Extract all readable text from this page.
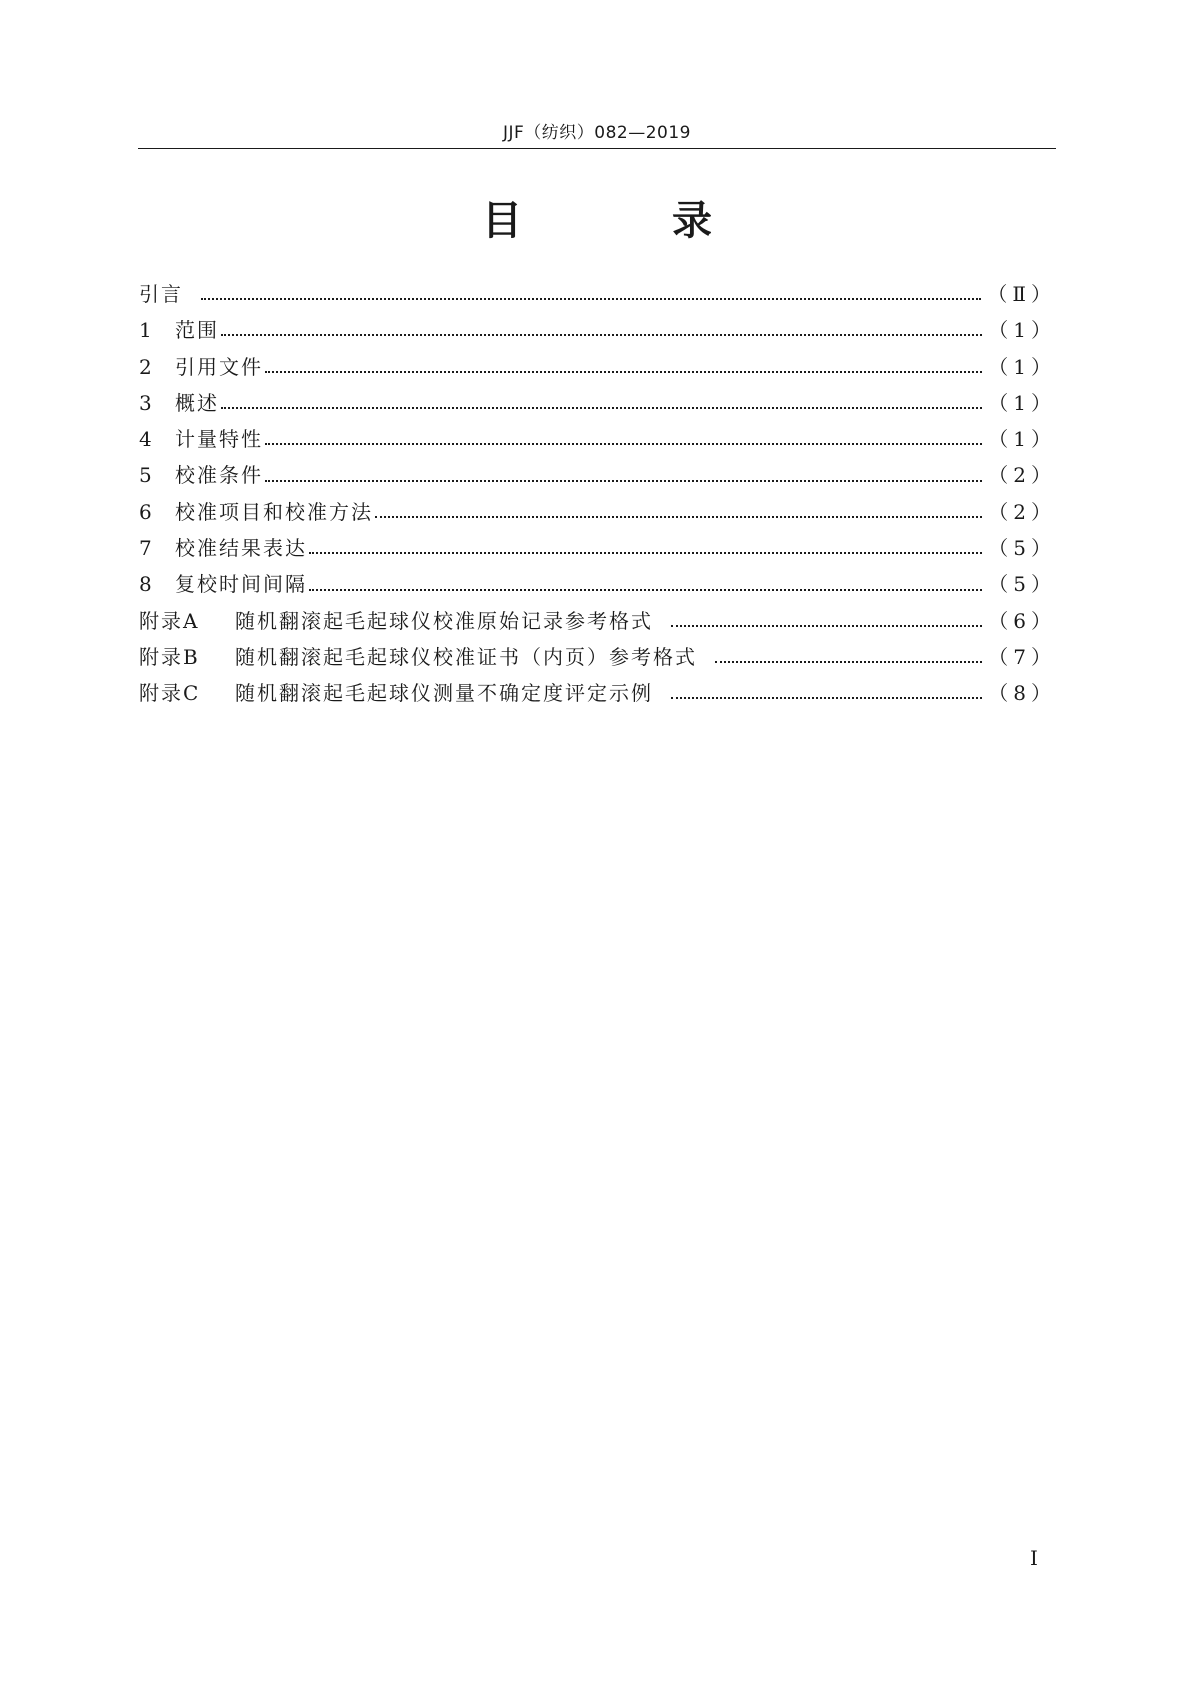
JJF（纺织）082—2019
目 录
引言	（Ⅱ）
1	范围	（1）
2	引用文件	（1）
3	概述	（1）
4	计量特性	（1）
5	校准条件	（2）
6	校准项目和校准方法	（2）
7	校准结果表达	（5）
8	复校时间间隔	（5）
附录A	随机翻滚起毛起球仪校准原始记录参考格式	（6）
附录B	随机翻滚起毛起球仪校准证书（内页）参考格式	（7）
附录C	随机翻滚起毛起球仪测量不确定度评定示例	（8）
Ⅰ
